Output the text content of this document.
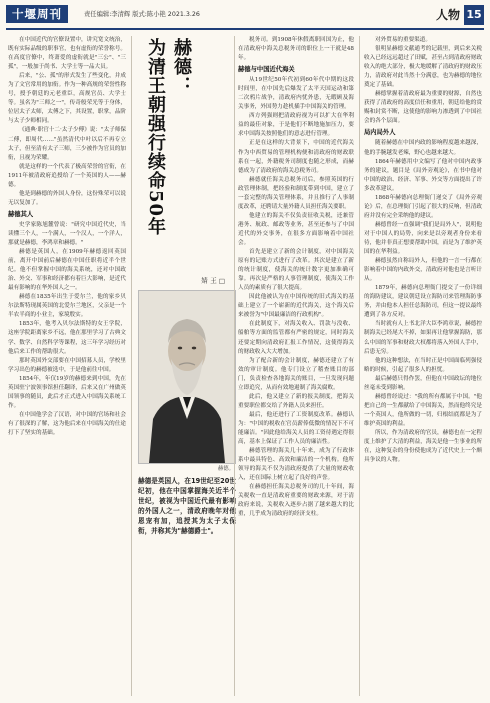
十堰周刊	责任编辑:李清辉 版式:陈小艳 2021.3.26	人物 15

在中国近代的官僚设置中，讲究宽文统治，既有实际品级的职事官，也有虚衔的荣誉称号。在高度官僚中，终萧爱的虚衔就是"三公"、"三孤"，一般加于尚书、大学士等一品大员。

后来，"公、孤"的形式发生了些变化，并成为了文官常用的加衔。作为一种高规的荣誉性称号，授予朝廷的元老重臣，高规官员、大学士等。虽名为"三师之一"，传奇般荣光等于身体，位居太子太师，太傅之下，其设置，职掌，品阶与太子少师相同。

《通典·职官十二·太子少傅》说："太子师保二傅，即周代……"虽然清代中叶以后不再专立太子，但至清有太子三师，三少被作为官员的加衔，且视为荣耀。

就是这样的一个代表了极高荣誉的官衔，在1911年被清政府追授给了一个英国的人——赫德。

他是到赫德的外国人身份，这份殊荣可以说无以复加了。

赫德其人

史学家陈旭麓曾说："研究中国近代史，当读懂三个人，一个满人，一个汉人，一个洋人，那就是赫德，李鸿章和赫德。"

赫德是英国人，在1909年赫德返回英国前，离开中国前后赫德在中国任职将近半个世纪。他不但掌握中国的海关系统，还对中国政治、外交、军事和经济都有着巨大影响，是近代最有影响的在华外国人之一。

赫德在1835年出生于爱尔兰，他的家乡贝尔法斯特现属英国的北爱尔兰地区，父亲是一个半农半商的小业主，家境殷实。

1853年，他考入贝尔法斯特的女王学院，这座学院距离家乡不远，他在那里学习了古典文学、数学、自然科学等课程，这三年学习经历对他后来工作的帮助很大。

那时英国外交部要在中国招募人员，学校里学习出色的赫德被选中，于是他前往中国。

1854年，年仅19岁的赫德来到中国，先在英国驻宁波领事馆担任翻译，后来又在广州做英国领事的随员，此后才正式进入中国海关系统工作。

在中国他学会了汉语，对中国的官场和社会有了很深的了解，这为他后来在中国海关的仕途打下了坚实的基础。

赫德：
为清王朝强行续命50年
□王婧
赫德。
赫德是英国人，在19世纪至20世纪初，他在中国掌握海关近半个世纪，被视为中国近代最有影响的外国人之一，清政府晚年对他恩宠有加，追授其为太子太保衔，并称其为"赫德爵士"。

税务司。到1908年休假离职回国为止，他在清政府中海关总税务司的职位上一干就是48年。

赫德与中国近代海关

从19世纪50年代初到60年代中期的这段时间里，在中国先后爆发了太平天国运动和第二次鸦片战争，清政府内忧外患，无暇顾及海关事务，外国势力趁机插手中国海关的管理。

西方列强则把清政府视为可以扩大在华利益的最佳对象，于是他们不断地施加压力，要求中国海关按照他们的意志进行管理。

正是在这样的大背景下，中国的近代海关作为中西贸易的管理机构便和清政府的财政联系在一起，外籍税务司制度也随之形成，而赫德成为了清政府的海关总税务司。

赫德就任海关总税务司后，参照英国的行政管理体制，把经验和制度带到中国，建立了一套完整的海关管理体系，并且推行了人事制度改革，还聘请大量外籍人员担任海关要职。

他建立的海关不仅负责征收关税，还兼管港务、航政、邮政等业务，甚至还参与了中国近代的外交事务，在很多方面影响着中国社会。

首先是建立了新的会计制度，对中国海关原有的记账方式进行了改革。其次是建立了新的统计制度，使海关的统计数字更加准确可靠。再次是严格的人事管理制度，使海关工作人员的素质有了很大提高。

因此他被认为在中国传统的旧式海关的基础上建立了一个崭新的近代海关，这个海关后来被誉为"中国最廉洁的行政机构"。

在此制度下，对海关收入、罚款与没收、船舶等方面的监管都有严密的规定，同时海关还要定期向清政府汇报工作情况，这使得海关的财政收入大大增加。

为了配合新的会计制度，赫德还建立了有效的审计制度。他专门设立了稽查账目的部门，负责检查各地海关的账目，一旦发现问题立即追究，从而有效地遏制了海关腐败。

此后，他又建立了新的报关制度，把海关重要职位都交给了外籍人员来担任。

最后，他还进行了工资制度改革。赫德认为："中国的税收在官员薪俸低微的情况下不可能廉洁。"因此他给海关人员的工资待遇定得很高，基本上保证了工作人员的廉洁性。

赫德管理的海关几十年来，成为了行政体系中最具特色、高效和廉洁的一个机构。他所领导的海关不仅为清政府提供了大量的财政收入，还在国际上树立起了良好的声誉。

在赫德担任海关总税务司的几十年间，海关税收一直是清政府重要的财政来源，对于清政府来说，关税收入逐步占据了越来越大的比重，几乎成为清政府的经济支柱。

对外贸易的重要渠道。

很明显赫德文献通考的记载里，到后来关税收入已经远远超过了田赋，甚至占到清政府财政收入的绝大部分，极大地缓解了清政府的财政压力，清政府对此当然十分满意，也为赫德的地位奠定了基础。

赫德掌握着清政府最为重要的财源，自然也获得了清政府的高度信任和重用，朝廷给他的赏赐和封赏不断，这使他的影响力渗透到了中国社会的各个层面。

局内局外人

随着赫德在中国内政的影响程度越来越深，他的手腕越发老辣，野心也越来越大。

1864年赫德用中文编写了他对中国内政事务的建议，题目是《局外旁观论》，在书中他对中国的政治、经济、军事、外交等方面提出了许多改革建议。

1868年赫德向总理衙门递交了《局外旁观论》后，在总理衙门引起了很大的反响，但清政府并没有完全采纳他的建议。

赫德曾经一直强调"我们是局外人"，说明他对于中国人的局势，向来是以旁观者身份来看待，他并非真正想要帮助中国，而是为了维护英国的在华利益。

赫德虽然自称局外人，但他的一言一行都在影响着中国的内政外交，清政府对他也是言听计从。

1879年，赫德向总理衙门提交了一份详细的海防建议，建议朝廷设立海防司来管理海防事务，并由他本人担任总海防司，但这一提议最终遭到了各方反对。

当时就有人上书北洋大臣李鸿章说，赫德控制海关已经尾大不掉，如果再让他掌握海防，那么中国的军事和财政大权都将落入外国人手中，后患无穷。

他的这种想法，在当时正是中国面临列强侵略的时候，引起了很多人的担忧。

最后赫德只得作罢，但他在中国政坛的地位丝毫未受到影响。

赫德曾经说过："我的所有都属于中国。"他把自己的一生都献给了中国海关，然而他终究是一个英国人，他所做的一切，归根结底都是为了维护英国的利益。

所以，作为清政府的官员，赫德也在一定程度上维护了大清的利益，海关是他一生事业的所在，这种复杂的身份使他成为了近代史上一个颇具争议的人物。
